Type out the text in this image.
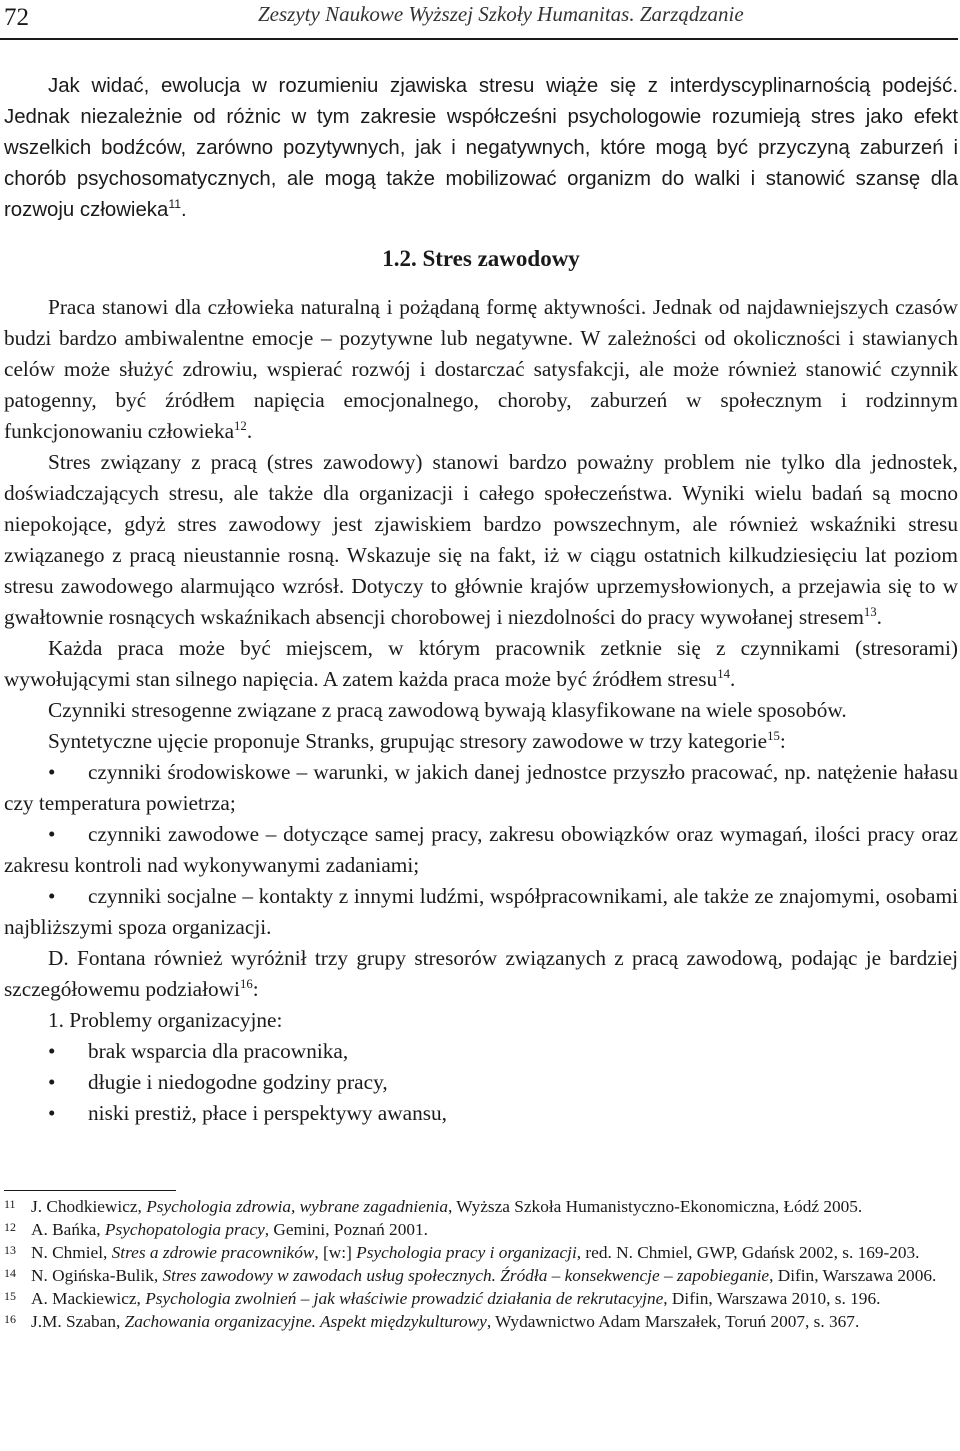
72	Zeszyty Naukowe Wyższej Szkoły Humanitas. Zarządzanie

Jak widać, ewolucja w rozumieniu zjawiska stresu wiąże się z interdyscyplinarnością podejść. Jednak niezależnie od różnic w tym zakresie współcześni psychologowie rozumieją stres jako efekt wszelkich bodźców, zarówno pozytywnych, jak i negatywnych, które mogą być przyczyną zaburzeń i chorób psychosomatycznych, ale mogą także mobilizować organizm do walki i stanowić szansę dla rozwoju człowieka$^{11}$.

1.2. Stres zawodowy

Praca stanowi dla człowieka naturalną i pożądaną formę aktywności. Jednak od najdawniejszych czasów budzi bardzo ambiwalentne emocje – pozytywne lub negatywne. W zależności od okoliczności i stawianych celów może służyć zdrowiu, wspierać rozwój i dostarczać satysfakcji, ale może również stanowić czynnik patogenny, być źródłem napięcia emocjonalnego, choroby, zaburzeń w społecznym i rodzinnym funkcjonowaniu człowieka$^{12}$.

Stres związany z pracą (stres zawodowy) stanowi bardzo poważny problem nie tylko dla jednostek, doświadczających stresu, ale także dla organizacji i całego społeczeństwa. Wyniki wielu badań są mocno niepokojące, gdyż stres zawodowy jest zjawiskiem bardzo powszechnym, ale również wskaźniki stresu związanego z pracą nieustannie rosną. Wskazuje się na fakt, iż w ciągu ostatnich kilkudziesięciu lat poziom stresu zawodowego alarmująco wzrósł. Dotyczy to głównie krajów uprzemysłowionych, a przejawia się to w gwałtownie rosnących wskaźnikach absencji chorobowej i niezdolności do pracy wywołanej stresem$^{13}$.

Każda praca może być miejscem, w którym pracownik zetknie się z czynnikami (stresorami) wywołującymi stan silnego napięcia. A zatem każda praca może być źródłem stresu$^{14}$.

Czynniki stresogenne związane z pracą zawodową bywają klasyfikowane na wiele sposobów.

Syntetyczne ujęcie proponuje Stranks, grupując stresory zawodowe w trzy kategorie$^{15}$:

•czynniki środowiskowe – warunki, w jakich danej jednostce przyszło pracować, np. natężenie hałasu czy temperatura powietrza;
•czynniki zawodowe – dotyczące samej pracy, zakresu obowiązków oraz wymagań, ilości pracy oraz zakresu kontroli nad wykonywanymi zadaniami;
•czynniki socjalne – kontakty z innymi ludźmi, współpracownikami, ale także ze znajomymi, osobami najbliższymi spoza organizacji.

D. Fontana również wyróżnił trzy grupy stresorów związanych z pracą zawodową, podając je bardziej szczegółowemu podziałowi$^{16}$:

1. Problemy organizacyjne:
•brak wsparcia dla pracownika,
•długie i niedogodne godziny pracy,
•niski prestiż, płace i perspektywy awansu,
11 J. Chodkiewicz, Psychologia zdrowia, wybrane zagadnienia, Wyższa Szkoła Humanistyczno-Ekonomiczna, Łódź 2005.
12 A. Bańka, Psychopatologia pracy, Gemini, Poznań 2001.
13 N. Chmiel, Stres a zdrowie pracowników, [w:] Psychologia pracy i organizacji, red. N. Chmiel, GWP, Gdańsk 2002, s. 169-203.
14 N. Ogińska-Bulik, Stres zawodowy w zawodach usług społecznych. Źródła – konsekwencje – zapobieganie, Difin, Warszawa 2006.
15 A. Mackiewicz, Psychologia zwolnień – jak właściwie prowadzić działania de rekrutacyjne, Difin, Warszawa 2010, s. 196.
16 J.M. Szaban, Zachowania organizacyjne. Aspekt międzykulturowy, Wydawnictwo Adam Marszałek, Toruń 2007, s. 367.
